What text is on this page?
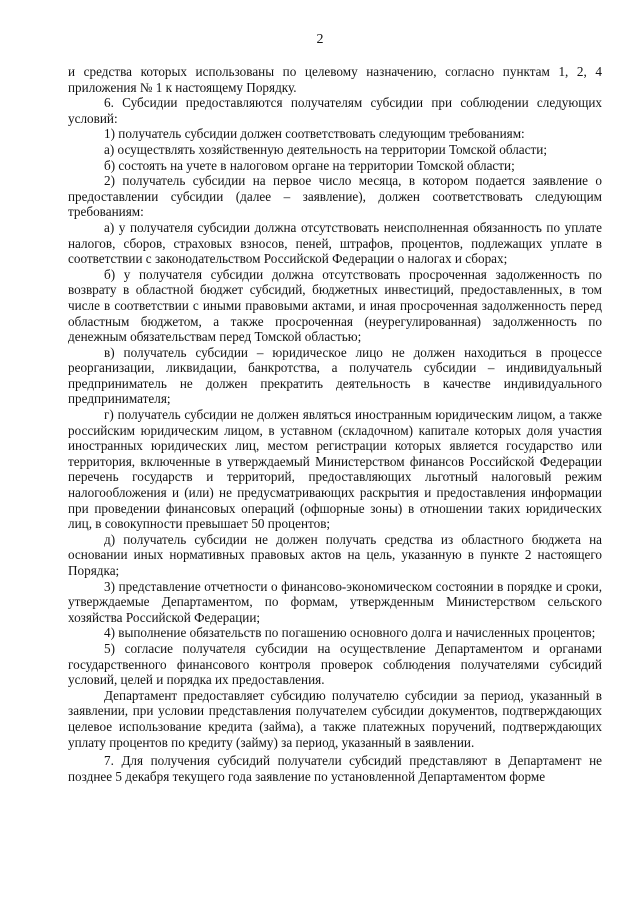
2

и средства которых использованы по целевому назначению, согласно пунктам 1, 2, 4 приложения № 1 к настоящему Порядку.

6. Субсидии предоставляются получателям субсидии при соблюдении следующих условий:

1) получатель субсидии должен соответствовать следующим требованиям:

а) осуществлять хозяйственную деятельность на территории Томской области;

б) состоять на учете в налоговом органе на территории Томской области;

2) получатель субсидии на первое число месяца, в котором подается заявление о предоставлении субсидии (далее – заявление), должен соответствовать следующим требованиям:

а) у получателя субсидии должна отсутствовать неисполненная обязанность по уплате налогов, сборов, страховых взносов, пеней, штрафов, процентов, подлежащих уплате в соответствии с законодательством Российской Федерации о налогах и сборах;

б) у получателя субсидии должна отсутствовать просроченная задолженность по возврату в областной бюджет субсидий, бюджетных инвестиций, предоставленных, в том числе в соответствии с иными правовыми актами, и иная просроченная задолженность перед областным бюджетом, а также просроченная (неурегулированная) задолженность по денежным обязательствам перед Томской областью;

в) получатель субсидии – юридическое лицо не должен находиться в процессе реорганизации, ликвидации, банкротства, а получатель субсидии – индивидуальный предприниматель не должен прекратить деятельность в качестве индивидуального предпринимателя;

г) получатель субсидии не должен являться иностранным юридическим лицом, а также российским юридическим лицом, в уставном (складочном) капитале которых доля участия иностранных юридических лиц, местом регистрации которых является государство или территория, включенные в утверждаемый Министерством финансов Российской Федерации перечень государств и территорий, предоставляющих льготный налоговый режим налогообложения и (или) не предусматривающих раскрытия и предоставления информации при проведении финансовых операций (офшорные зоны) в отношении таких юридических лиц, в совокупности превышает 50 процентов;

д) получатель субсидии не должен получать средства из областного бюджета на основании иных нормативных правовых актов на цель, указанную в пункте 2 настоящего Порядка;

3) представление отчетности о финансово-экономическом состоянии в порядке и сроки, утверждаемые Департаментом, по формам, утвержденным Министерством сельского хозяйства Российской Федерации;

4) выполнение обязательств по погашению основного долга и начисленных процентов;

5) согласие получателя субсидии на осуществление Департаментом и органами государственного финансового контроля проверок соблюдения получателями субсидий условий, целей и порядка их предоставления.

Департамент предоставляет субсидию получателю субсидии за период, указанный в заявлении, при условии представления получателем субсидии документов, подтверждающих целевое использование кредита (займа), а также платежных поручений, подтверждающих уплату процентов по кредиту (займу) за период, указанный в заявлении.

7. Для получения субсидий получатели субсидий представляют в Департамент не позднее 5 декабря текущего года заявление по установленной Департаментом форме
